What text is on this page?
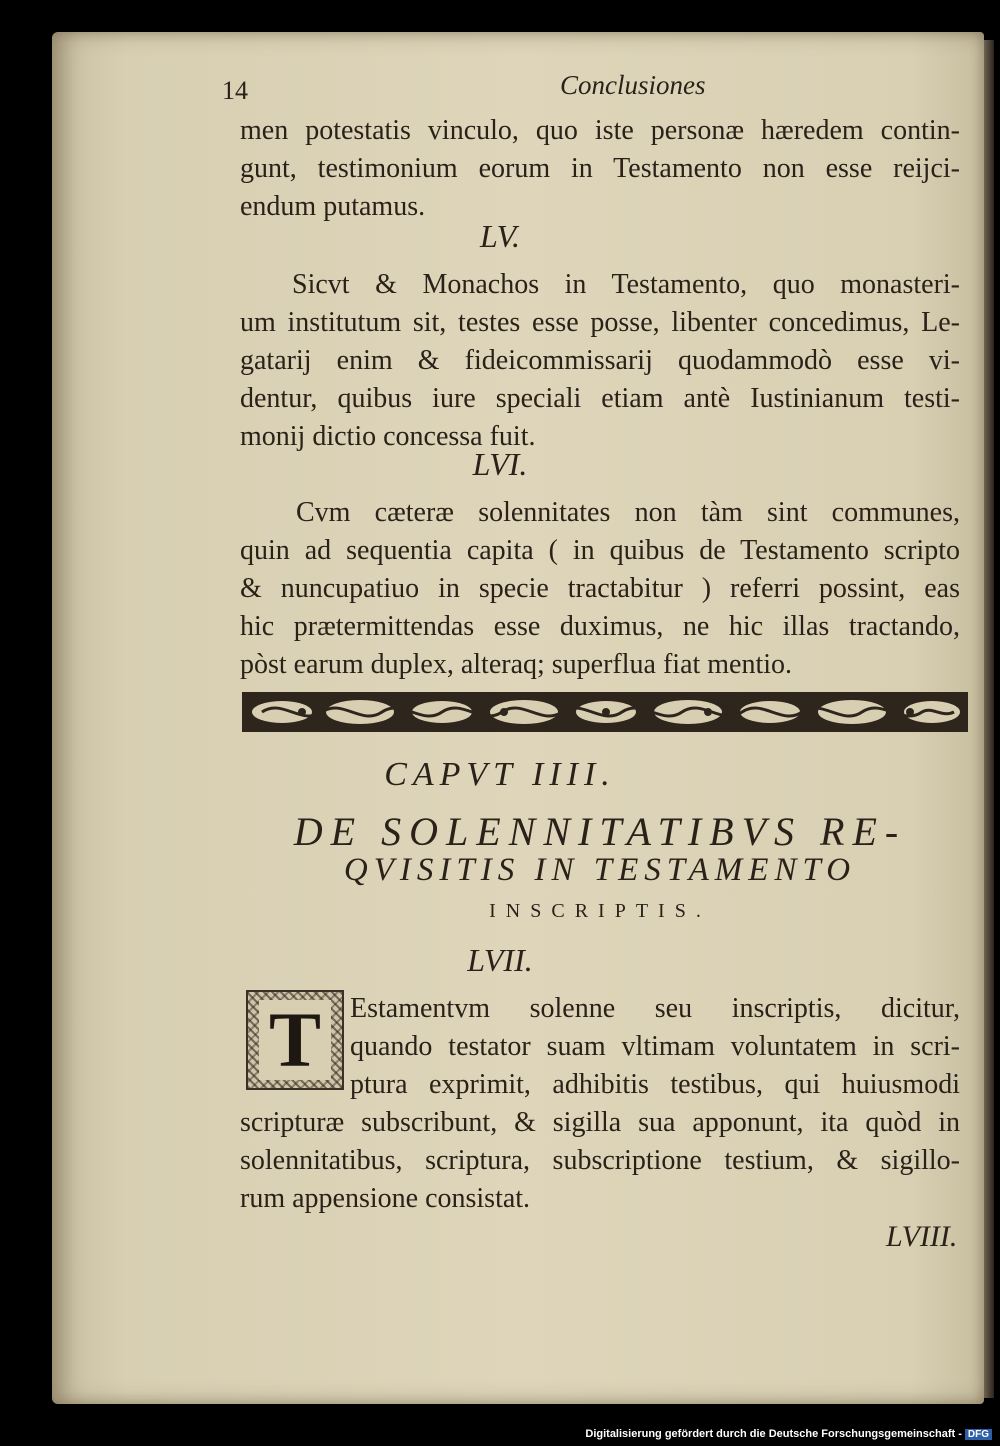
14	Conclusiones
men potestatis vinculo, quo iste personæ hæredem contin-
gunt, testimonium eorum in Testamento non esse reijci-
endum putamus.
LV.
Sicvt & Monachos in Testamento, quo monasteri-
um institutum sit, testes esse posse, libenter concedimus, Le-
gatarij enim & fideicommissarij quodammodò esse vi-
dentur, quibus iure speciali etiam antè Iustinianum testi-
monij dictio concessa fuit.
LVI.
Cvm cæteræ solennitates non tàm sint communes,
quin ad sequentia capita ( in quibus de Testamento scripto
& nuncupatiuo in specie tractabitur ) referri possint, eas
hic prætermittendas esse duximus, ne hic illas tractando,
pòst earum duplex, alteraq; superflua fiat mentio.
CAPVT IIII.
DE SOLENNITATIBVS RE-
QVISITIS IN TESTAMENTO
INSCRIPTIS.
LVII.
T	Estamentvm solenne seu inscriptis, dicitur,
quando testator suam vltimam voluntatem in scri-
ptura exprimit, adhibitis testibus, qui huiusmodi
scripturæ subscribunt, & sigilla sua apponunt, ita quòd in
solennitatibus, scriptura, subscriptione testium, & sigillo-
rum appensione consistat.
LVIII.
Digitalisierung gefördert durch die Deutsche Forschungsgemeinschaft - DFG
